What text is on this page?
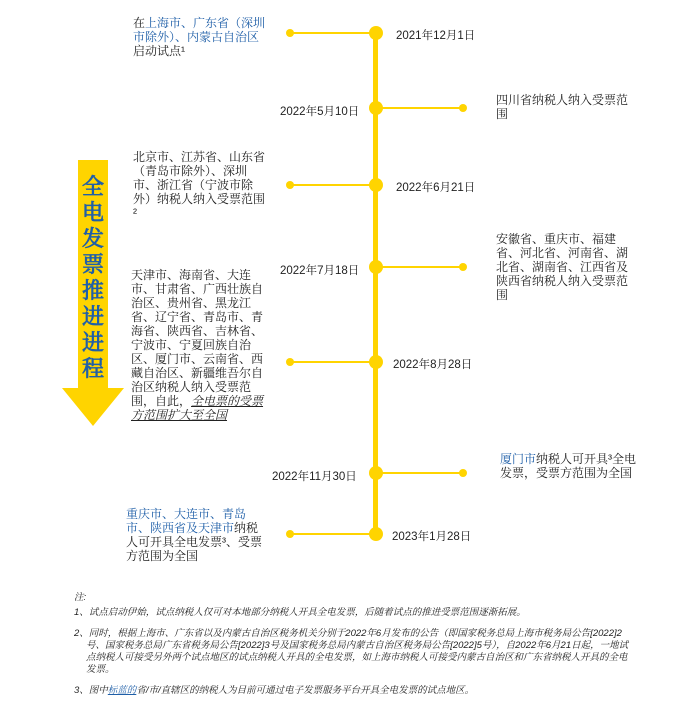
全电发票推进进程
2021年12月1日
在上海市、广东省（深圳市除外）、内蒙古自治区启动试点¹
2022年5月10日
四川省纳税人纳入受票范围
2022年6月21日
北京市、江苏省、山东省（青岛市除外）、深圳市、浙江省（宁波市除外）纳税人纳入受票范围²
2022年7月18日
安徽省、重庆市、福建省、河北省、河南省、湖北省、湖南省、江西省及陕西省纳税人纳入受票范围
2022年8月28日
天津市、海南省、大连市、甘肃省、广西壮族自治区、贵州省、黑龙江省、辽宁省、青岛市、青海省、陕西省、吉林省、宁波市、宁夏回族自治区、厦门市、云南省、西藏自治区、新疆维吾尔自治区纳税人纳入受票范围，自此，全电票的受票方范围扩大至全国
2022年11月30日
厦门市纳税人可开具³全电发票，受票方范围为全国
2023年1月28日
重庆市、大连市、青岛市、陕西省及天津市纳税人可开具全电发票³、受票方范围为全国
注:
1、试点启动伊始，试点纳税人仅可对本地部分纳税人开具全电发票，后随着试点的推进受票范围逐渐拓展。
2、同时，根据上海市、广东省以及内蒙古自治区税务机关分别于2022年6月发布的公告（即国家税务总局上海市税务局公告[2022]2号、国家税务总局广东省税务局公告[2022]3号及国家税务总局内蒙古自治区税务局公告[2022]5号），自2022年6月21日起，一地试点纳税人可接受另外两个试点地区的试点纳税人开具的全电发票，如上海市纳税人可接受内蒙古自治区和广东省纳税人开具的全电发票。
3、图中标蓝的省/市/直辖区的纳税人为目前可通过电子发票服务平台开具全电发票的试点地区。
